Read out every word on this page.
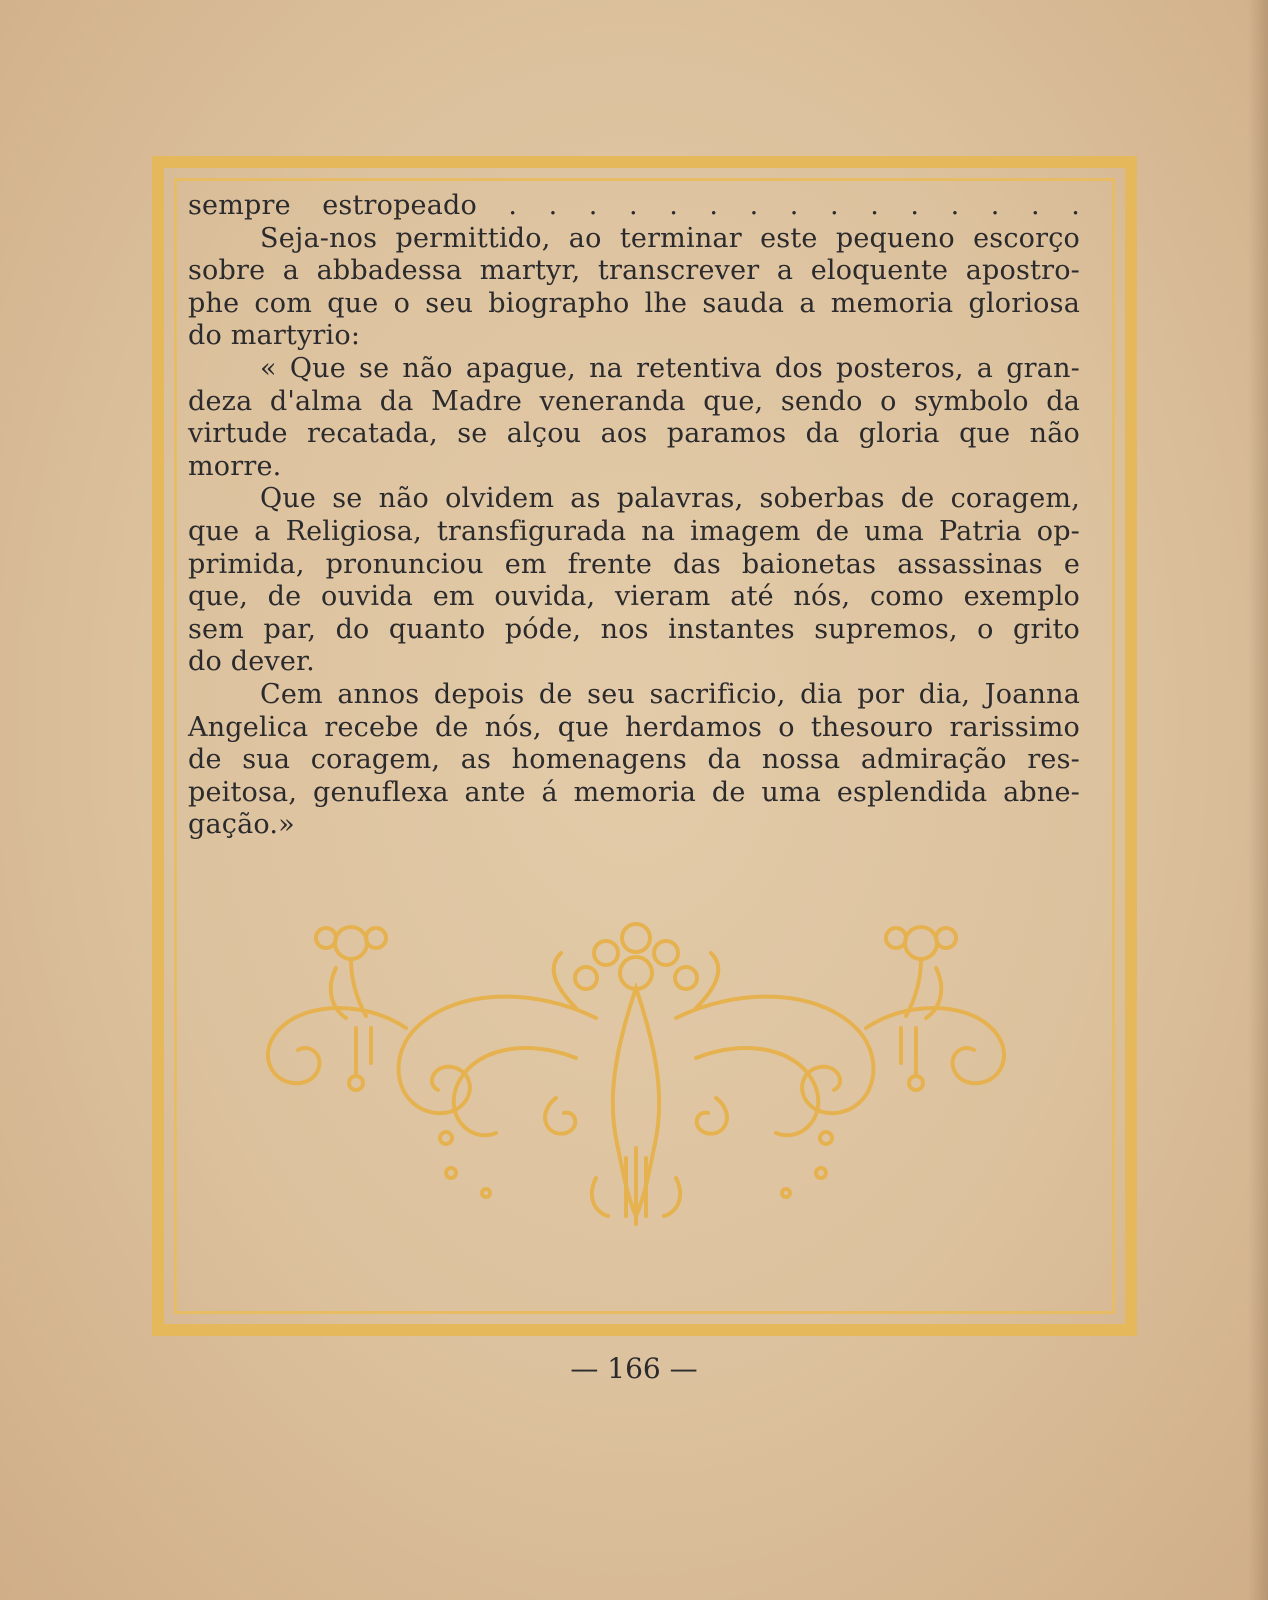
sempre estropeado . . . . . . . . . . . . . . .
Seja-nos permittido, ao terminar este pequeno escorço
sobre a abbadessa martyr, transcrever a eloquente apostro-
phe com que o seu biographo lhe sauda a memoria gloriosa
do martyrio:
« Que se não apague, na retentiva dos posteros, a gran-
deza d'alma da Madre veneranda que, sendo o symbolo da
virtude recatada, se alçou aos paramos da gloria que não
morre.
Que se não olvidem as palavras, soberbas de coragem,
que a Religiosa, transfigurada na imagem de uma Patria op-
primida, pronunciou em frente das baionetas assassinas e
que, de ouvida em ouvida, vieram até nós, como exemplo
sem par, do quanto póde, nos instantes supremos, o grito
do dever.
Cem annos depois de seu sacrificio, dia por dia, Joanna
Angelica recebe de nós, que herdamos o thesouro rarissimo
de sua coragem, as homenagens da nossa admiração res-
peitosa, genuflexa ante á memoria de uma esplendida abne-
gação.»
— 166 —
